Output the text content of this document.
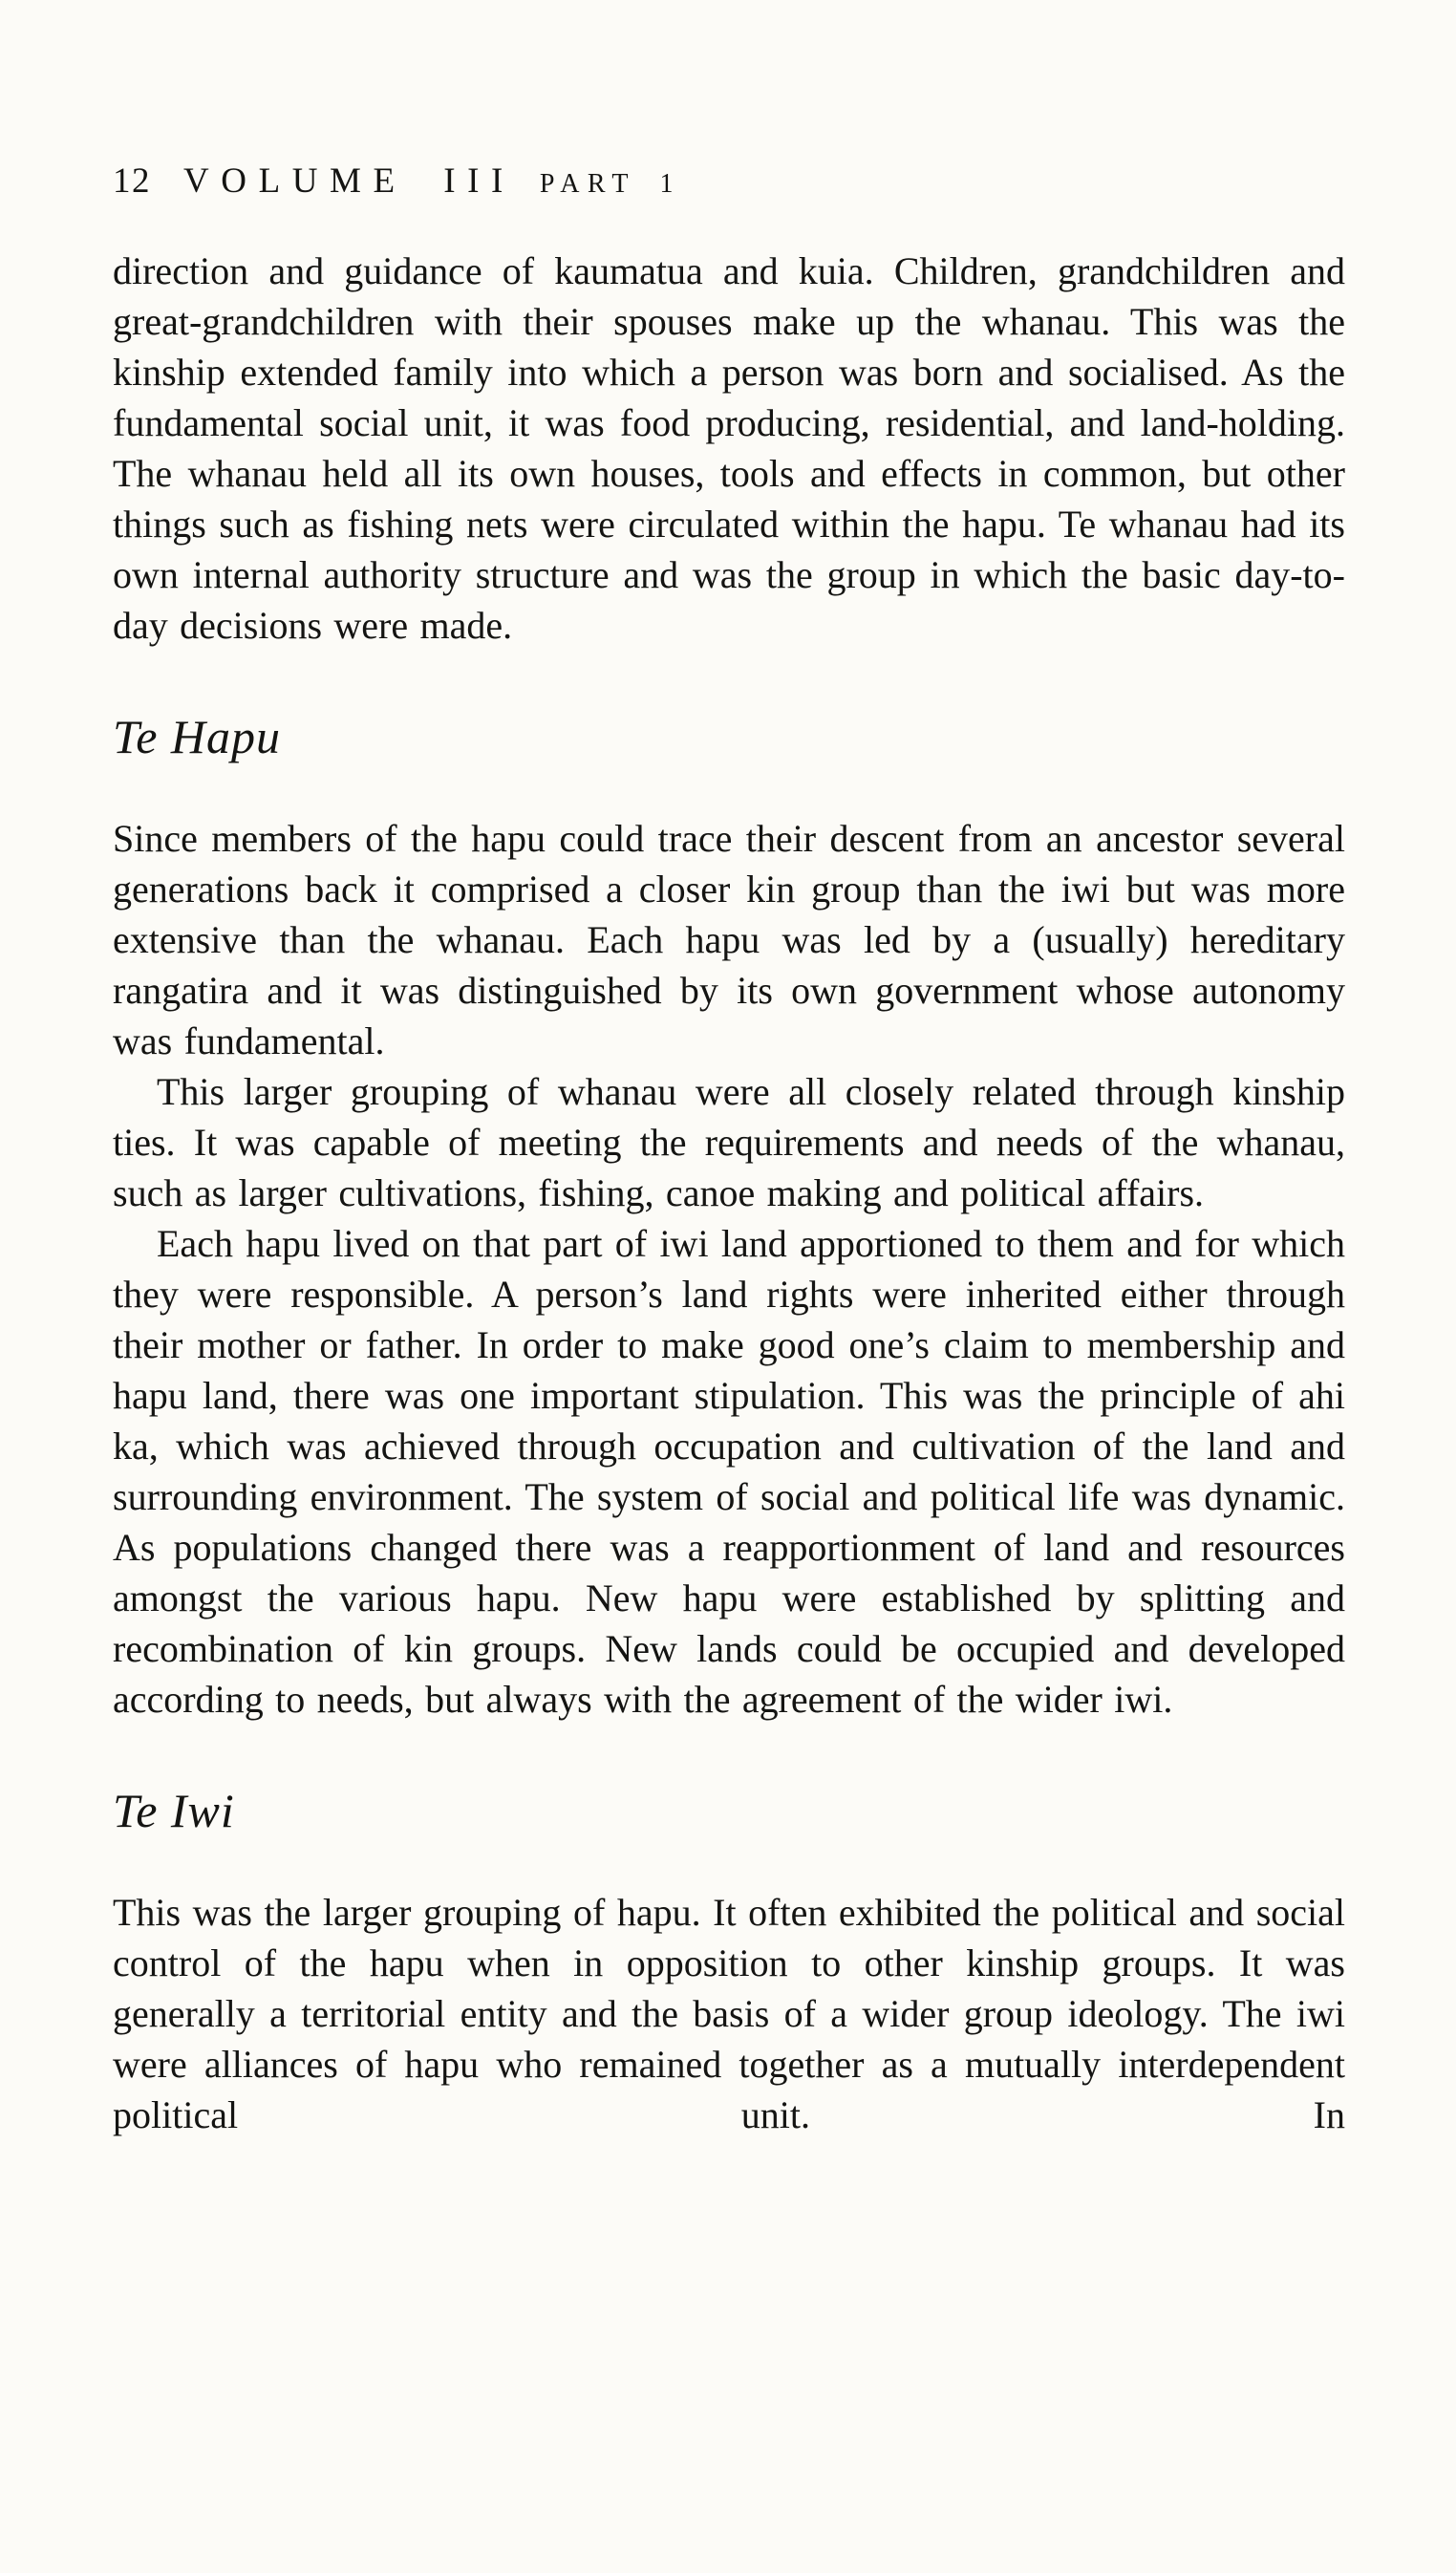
12 VOLUME III PART 1

direction and guidance of kaumatua and kuia. Children, grandchildren and great-grandchildren with their spouses make up the whanau. This was the kinship extended family into which a person was born and socialised. As the fundamental social unit, it was food producing, residential, and land-holding. The whanau held all its own houses, tools and effects in common, but other things such as fishing nets were circulated within the hapu. Te whanau had its own internal authority structure and was the group in which the basic day-to-day decisions were made.

Te Hapu

Since members of the hapu could trace their descent from an ancestor several generations back it comprised a closer kin group than the iwi but was more extensive than the whanau. Each hapu was led by a (usually) hereditary rangatira and it was distinguished by its own government whose autonomy was fundamental.

This larger grouping of whanau were all closely related through kinship ties. It was capable of meeting the requirements and needs of the whanau, such as larger cultivations, fishing, canoe making and political affairs.

Each hapu lived on that part of iwi land apportioned to them and for which they were responsible. A person’s land rights were inherited either through their mother or father. In order to make good one’s claim to membership and hapu land, there was one important stipulation. This was the principle of ahi ka, which was achieved through occupation and cultivation of the land and surrounding environment. The system of social and political life was dynamic. As populations changed there was a reapportionment of land and resources amongst the various hapu. New hapu were established by splitting and recombination of kin groups. New lands could be occupied and developed according to needs, but always with the agreement of the wider iwi.

Te Iwi

This was the larger grouping of hapu. It often exhibited the political and social control of the hapu when in opposition to other kinship groups. It was generally a territorial entity and the basis of a wider group ideology. The iwi were alliances of hapu who remained together as a mutually interdependent political unit. In
